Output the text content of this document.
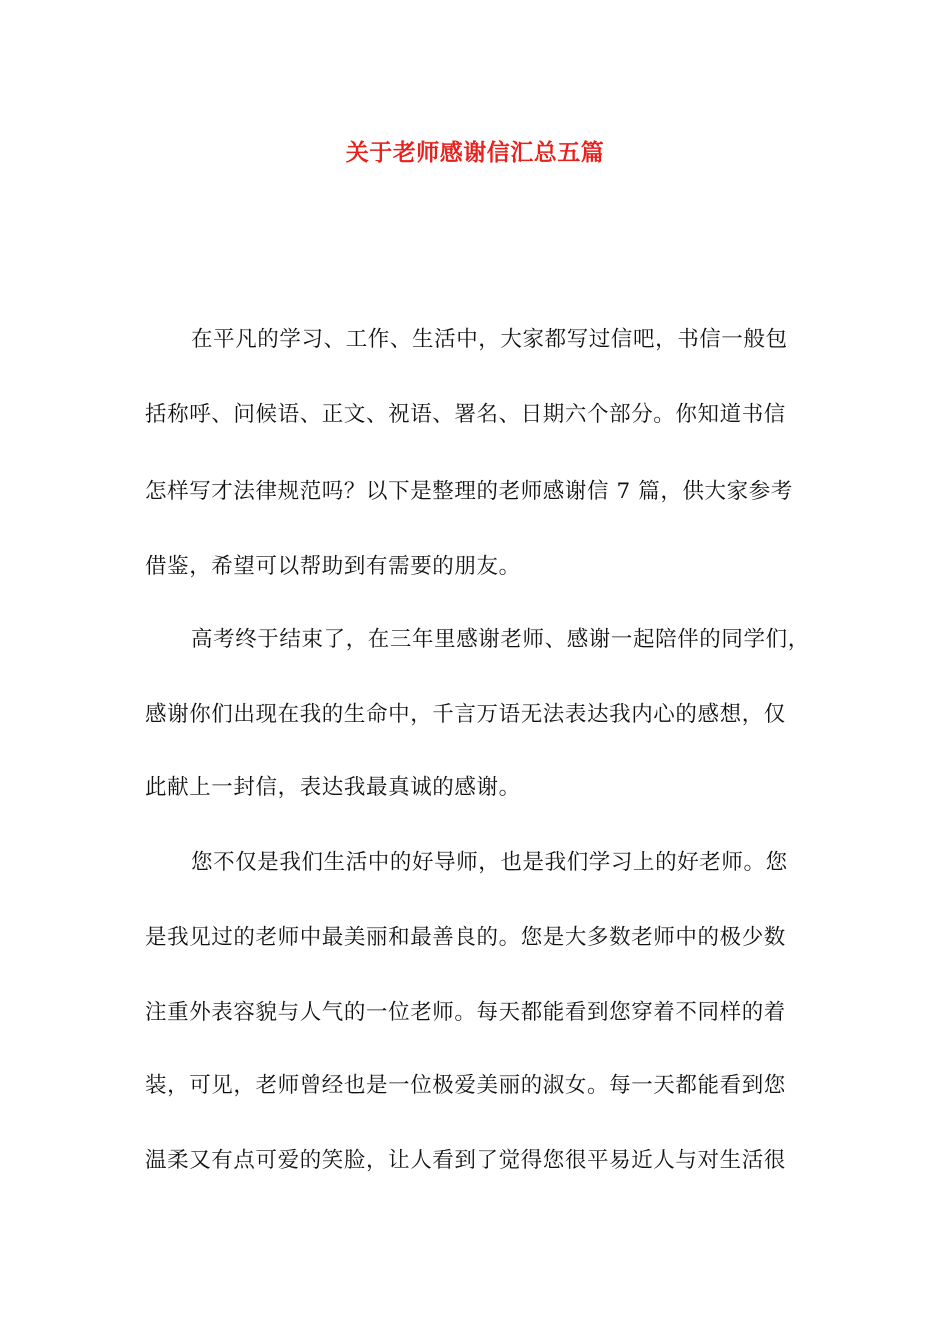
关于老师感谢信汇总五篇
在平凡的学习、工作、生活中，大家都写过信吧，书信一般包
括称呼、问候语、正文、祝语、署名、日期六个部分。你知道书信
怎样写才法律规范吗？以下是整理的老师感谢信 7 篇，供大家参考
借鉴，希望可以帮助到有需要的朋友。
高考终于结束了，在三年里感谢老师、感谢一起陪伴的同学们，
感谢你们出现在我的生命中，千言万语无法表达我内心的感想，仅
此献上一封信，表达我最真诚的感谢。
您不仅是我们生活中的好导师，也是我们学习上的好老师。您
是我见过的老师中最美丽和最善良的。您是大多数老师中的极少数
注重外表容貌与人气的一位老师。每天都能看到您穿着不同样的着
装，可见，老师曾经也是一位极爱美丽的淑女。每一天都能看到您
温柔又有点可爱的笑脸，让人看到了觉得您很平易近人与对生活很
